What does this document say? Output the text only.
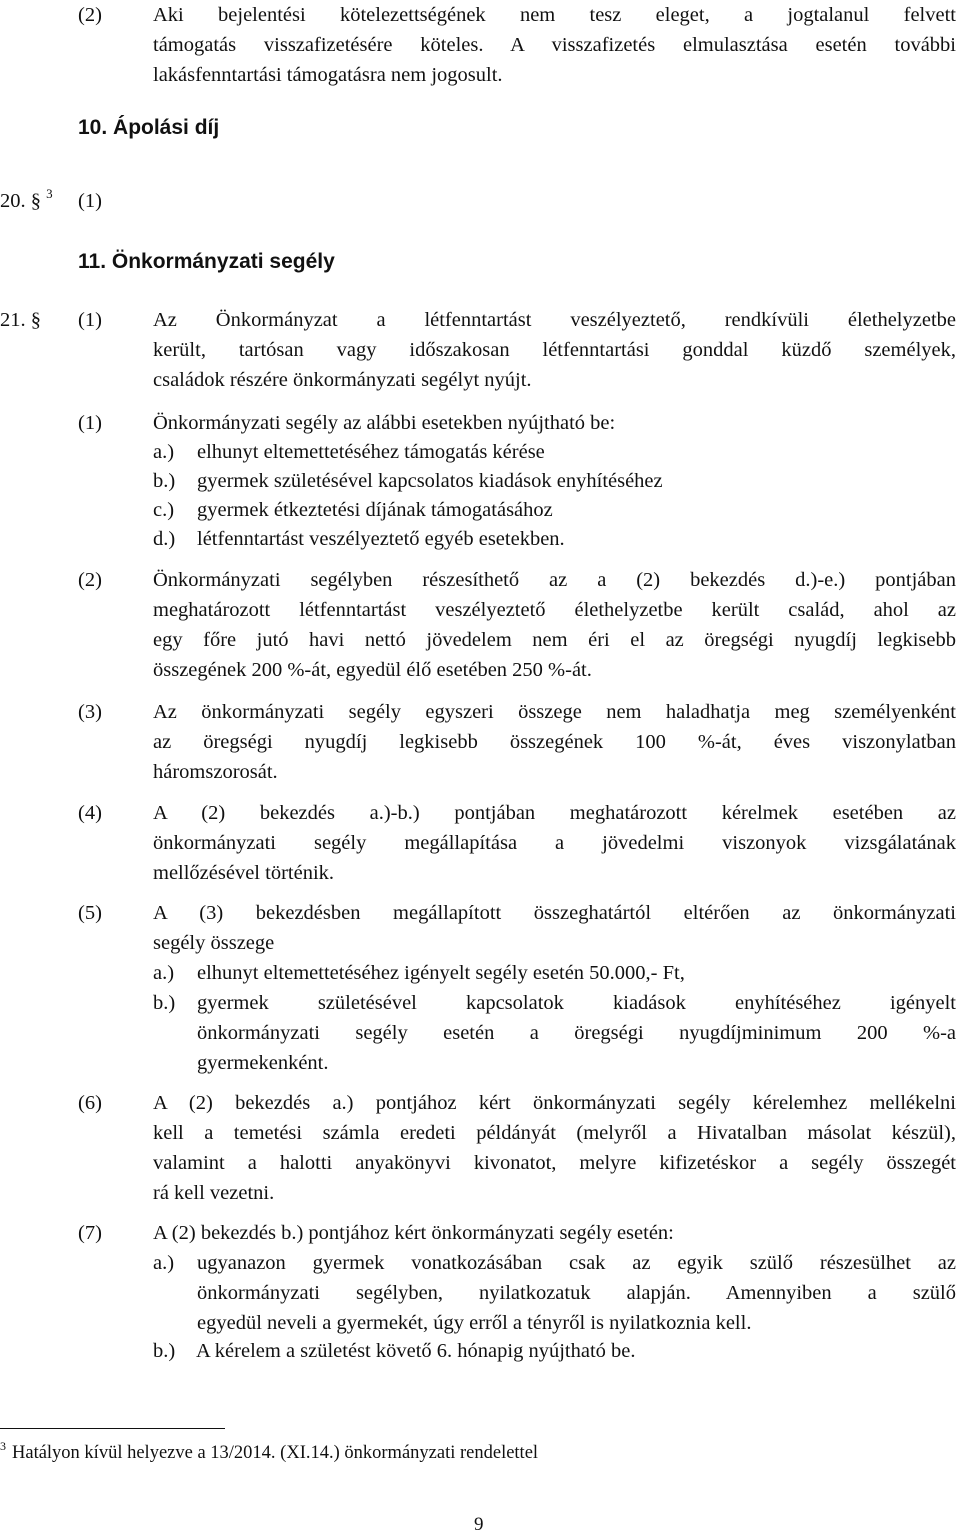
(2) Aki bejelentési kötelezettségének nem tesz eleget, a jogtalanul felvett
támogatás visszafizetésére köteles. A visszafizetés elmulasztása esetén további
lakásfenntartási támogatásra nem jogosult.
10. Ápolási díj
20. § $^3$ (1)
11. Önkormányzati segély
21. § (1) Az Önkormányzat a létfenntartást veszélyeztető, rendkívüli élethelyzetbe
került, tartósan vagy időszakosan létfenntartási gonddal küzdő személyek,
családok részére önkormányzati segélyt nyújt.
(1) Önkormányzati segély az alábbi esetekben nyújtható be:
a.) elhunyt eltemettetéséhez támogatás kérése
b.) gyermek születésével kapcsolatos kiadások enyhítéséhez
c.) gyermek étkeztetési díjának támogatásához
d.) létfenntartást veszélyeztető egyéb esetekben.
(2) Önkormányzati segélyben részesíthető az a (2) bekezdés d.)-e.) pontjában
meghatározott létfenntartást veszélyeztető élethelyzetbe került család, ahol az
egy főre jutó havi nettó jövedelem nem éri el az öregségi nyugdíj legkisebb
összegének 200 %-át, egyedül élő esetében 250 %-át.
(3) Az önkormányzati segély egyszeri összege nem haladhatja meg személyenként
az öregségi nyugdíj legkisebb összegének 100 %-át, éves viszonylatban
háromszorosát.
(4) A (2) bekezdés a.)-b.) pontjában meghatározott kérelmek esetében az
önkormányzati segély megállapítása a jövedelmi viszonyok vizsgálatának
mellőzésével történik.
(5) A (3) bekezdésben megállapított összeghatártól eltérően az önkormányzati
segély összege
a.) elhunyt eltemettetéséhez igényelt segély esetén 50.000,- Ft,
b.) gyermek születésével kapcsolatok kiadások enyhítéséhez igényelt
önkormányzati segély esetén a öregségi nyugdíjminimum 200 %-a
gyermekenként.
(6) A (2) bekezdés a.) pontjához kért önkormányzati segély kérelemhez mellékelni
kell a temetési számla eredeti példányát (melyről a Hivatalban másolat készül),
valamint a halotti anyakönyvi kivonatot, melyre kifizetéskor a segély összegét
rá kell vezetni.
(7) A (2) bekezdés b.) pontjához kért önkormányzati segély esetén:
a.) ugyanazon gyermek vonatkozásában csak az egyik szülő részesülhet az
önkormányzati segélyben, nyilatkozatuk alapján. Amennyiben a szülő
egyedül neveli a gyermekét, úgy erről a tényről is nyilatkoznia kell.
b.) A kérelem a születést követő 6. hónapig nyújtható be.
$^3$ Hatályon kívül helyezve a 13/2014. (XI.14.) önkormányzati rendelettel
9
